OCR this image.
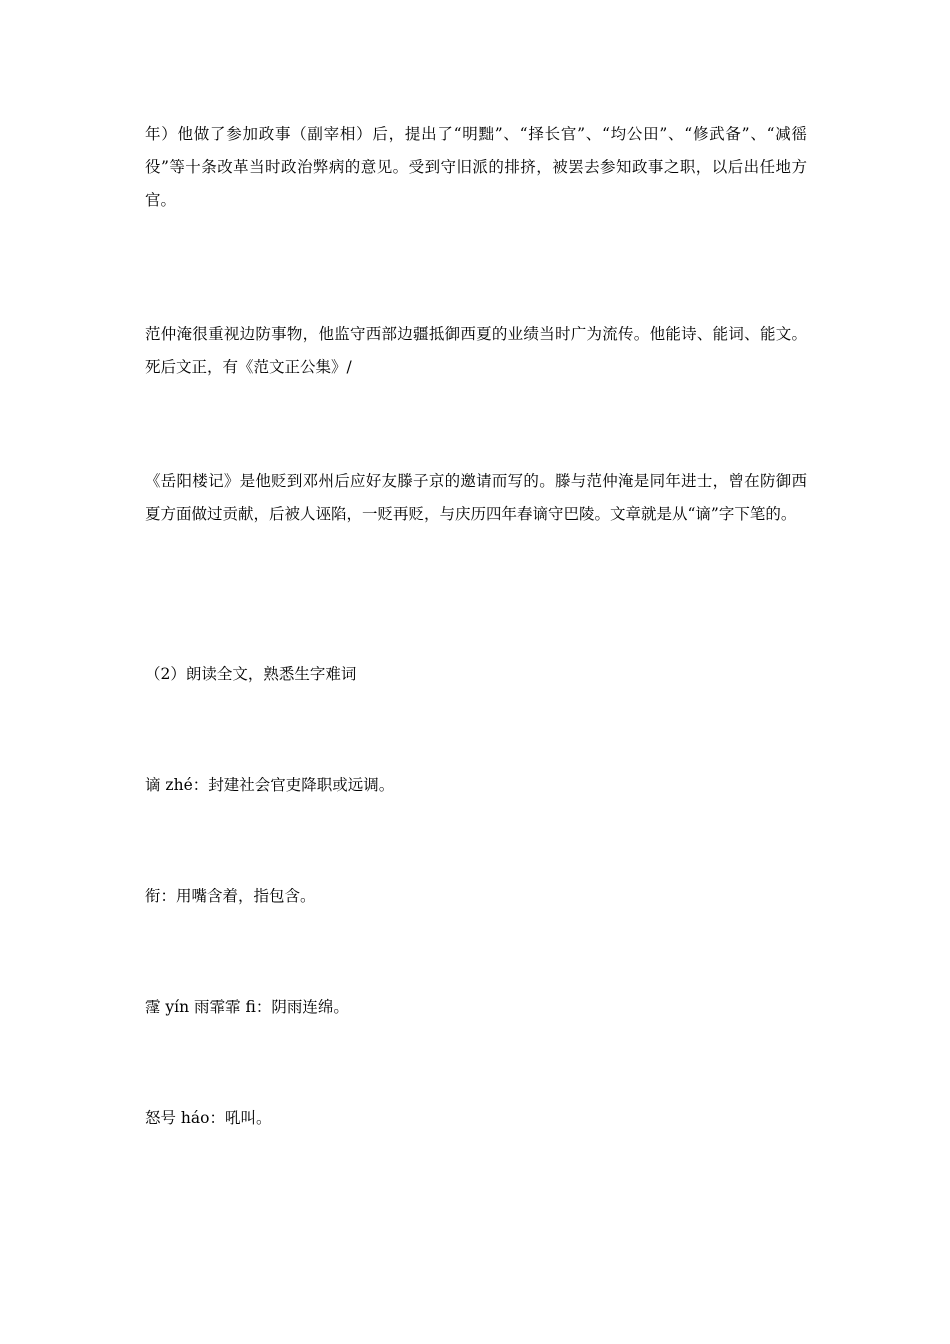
年）他做了参加政事（副宰相）后，提出了“明黜”、“择长官”、“均公田”、“修武备”、“减徭役”等十条改革当时政治弊病的意见。受到守旧派的排挤，被罢去参知政事之职，以后出任地方官。

范仲淹很重视边防事物，他监守西部边疆抵御西夏的业绩当时广为流传。他能诗、能词、能文。死后文正，有《范文正公集》/

《岳阳楼记》是他贬到邓州后应好友滕子京的邀请而写的。滕与范仲淹是同年进士，曾在防御西夏方面做过贡献，后被人诬陷，一贬再贬，与庆历四年春谪守巴陵。文章就是从“谪”字下笔的。

（2）朗读全文，熟悉生字难词

谪 zhé：封建社会官吏降职或远调。

衔：用嘴含着，指包含。

霪 yín 雨霏霏 fi：阴雨连绵。

怒号 háo：吼叫。
